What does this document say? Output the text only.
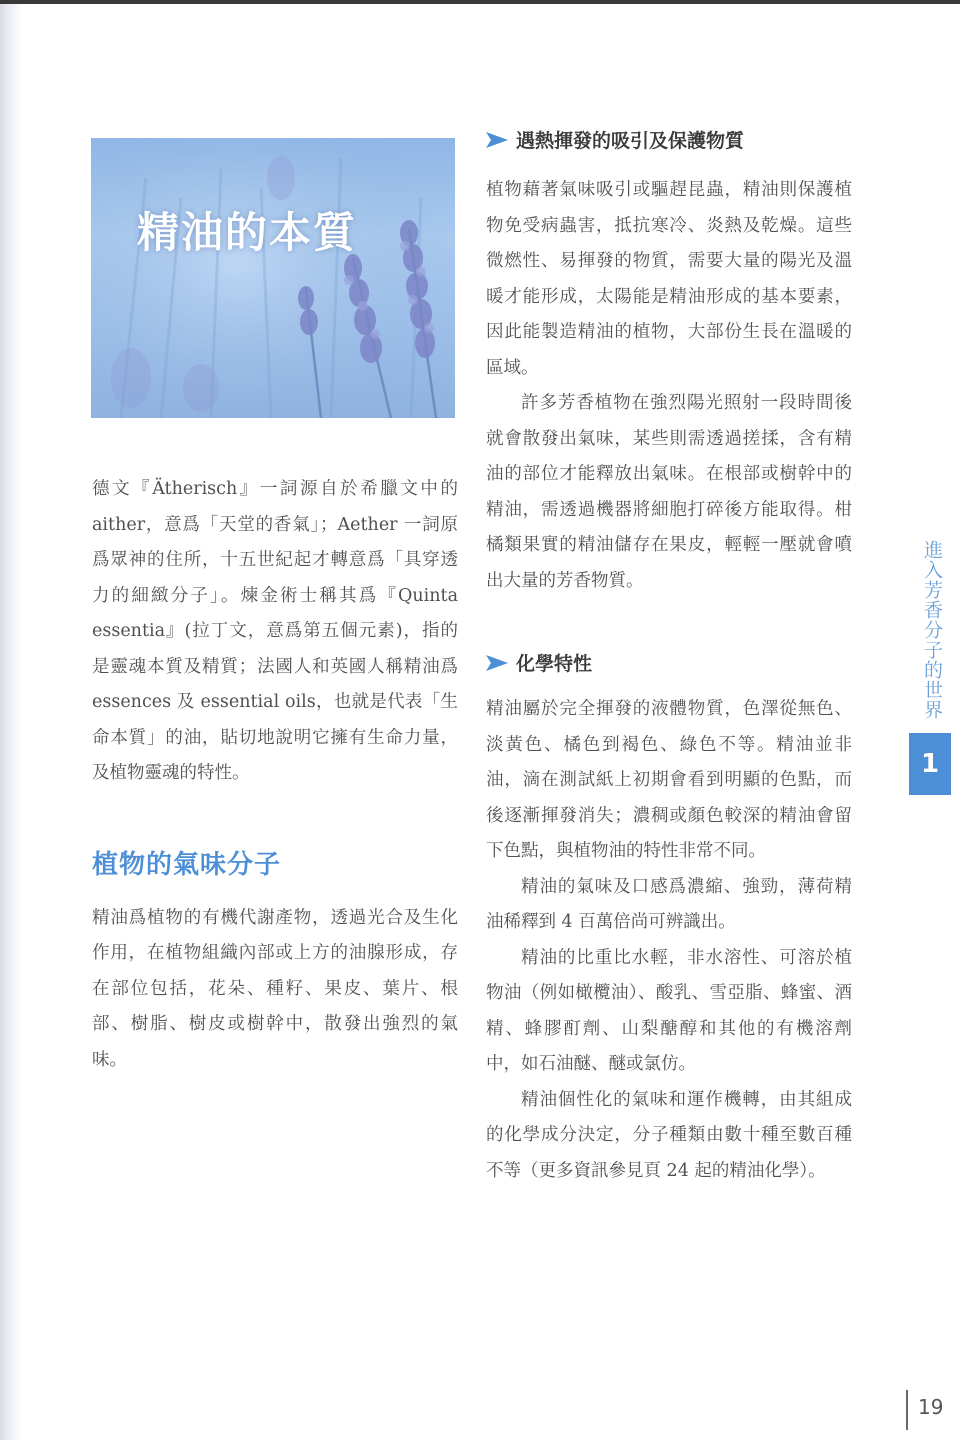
精油的本質

德文『Ätherisch』一詞源自於希臘文中的aither，意爲「天堂的香氣」；Aether 一詞原爲眾神的住所，十五世紀起才轉意爲「具穿透力的細緻分子」。煉金術士稱其爲『Quinta essentia』(拉丁文，意爲第五個元素)，指的是靈魂本質及精質；法國人和英國人稱精油爲 essences 及 essential oils，也就是代表「生命本質」的油，貼切地說明它擁有生命力量，及植物靈魂的特性。

植物的氣味分子

精油爲植物的有機代謝產物，透過光合及生化作用，在植物組織內部或上方的油腺形成，存在部位包括，花朵、種籽、果皮、葉片、根部、樹脂、樹皮或樹幹中，散發出強烈的氣味。

遇熱揮發的吸引及保護物質

植物藉著氣味吸引或驅趕昆蟲，精油則保護植物免受病蟲害，抵抗寒冷、炎熱及乾燥。這些微燃性、易揮發的物質，需要大量的陽光及溫暖才能形成，太陽能是精油形成的基本要素，因此能製造精油的植物，大部份生長在溫暖的區域。

許多芳香植物在強烈陽光照射一段時間後就會散發出氣味，某些則需透過搓揉，含有精油的部位才能釋放出氣味。在根部或樹幹中的精油，需透過機器將細胞打碎後方能取得。柑橘類果實的精油儲存在果皮，輕輕一壓就會噴出大量的芳香物質。

化學特性

精油屬於完全揮發的液體物質，色澤從無色、淡黃色、橘色到褐色、綠色不等。精油並非油，滴在測試紙上初期會看到明顯的色點，而後逐漸揮發消失；濃稠或顏色較深的精油會留下色點，與植物油的特性非常不同。

精油的氣味及口感爲濃縮、強勁，薄荷精油稀釋到 4 百萬倍尚可辨識出。

精油的比重比水輕，非水溶性、可溶於植物油（例如橄欖油）、酸乳、雪亞脂、蜂蜜、酒精、蜂膠酊劑、山梨醣醇和其他的有機溶劑中，如石油醚、醚或氯仿。

精油個性化的氣味和運作機轉，由其組成的化學成分決定，分子種類由數十種至數百種不等（更多資訊參見頁 24 起的精油化學）。

進入芳香分子的世界
1
19
